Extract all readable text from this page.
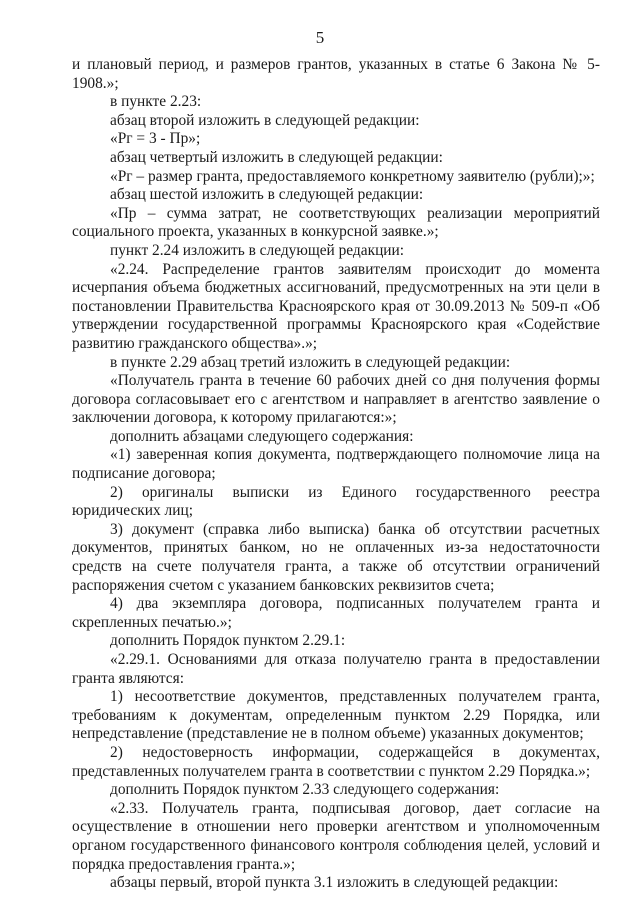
5

и плановый период, и размеров грантов, указанных в статье 6 Закона № 5-1908.»;

в пункте 2.23:

абзац второй изложить в следующей редакции:

«Рг = 3 - Пр»;

абзац четвертый изложить в следующей редакции:

«Рг – размер гранта, предоставляемого конкретному заявителю (рубли);»;

абзац шестой изложить в следующей редакции:

«Пр – сумма затрат, не соответствующих реализации мероприятий социального проекта, указанных в конкурсной заявке.»;

пункт 2.24 изложить в следующей редакции:

«2.24. Распределение грантов заявителям происходит до момента исчерпания объема бюджетных ассигнований, предусмотренных на эти цели в постановлении Правительства Красноярского края от 30.09.2013 № 509-п «Об утверждении государственной программы Красноярского края «Содействие развитию гражданского общества».»;

в пункте 2.29 абзац третий изложить в следующей редакции:

«Получатель гранта в течение 60 рабочих дней со дня получения формы договора согласовывает его с агентством и направляет в агентство заявление о заключении договора, к которому прилагаются:»;

дополнить абзацами следующего содержания:

«1) заверенная копия документа, подтверждающего полномочие лица на подписание договора;

2) оригиналы выписки из Единого государственного реестра юридических лиц;

3) документ (справка либо выписка) банка об отсутствии расчетных документов, принятых банком, но не оплаченных из-за недостаточности средств на счете получателя гранта, а также об отсутствии ограничений распоряжения счетом с указанием банковских реквизитов счета;

4) два экземпляра договора, подписанных получателем гранта и скрепленных печатью.»;

дополнить Порядок пунктом 2.29.1:

«2.29.1. Основаниями для отказа получателю гранта в предоставлении гранта являются:

1) несоответствие документов, представленных получателем гранта, требованиям к документам, определенным пунктом 2.29 Порядка, или непредставление (представление не в полном объеме) указанных документов;

2) недостоверность информации, содержащейся в документах, представленных получателем гранта в соответствии с пунктом 2.29 Порядка.»;

дополнить Порядок пунктом 2.33 следующего содержания:

«2.33. Получатель гранта, подписывая договор, дает согласие на осуществление в отношении него проверки агентством и уполномоченным органом государственного финансового контроля соблюдения целей, условий и порядка предоставления гранта.»;

абзацы первый, второй пункта 3.1 изложить в следующей редакции:
